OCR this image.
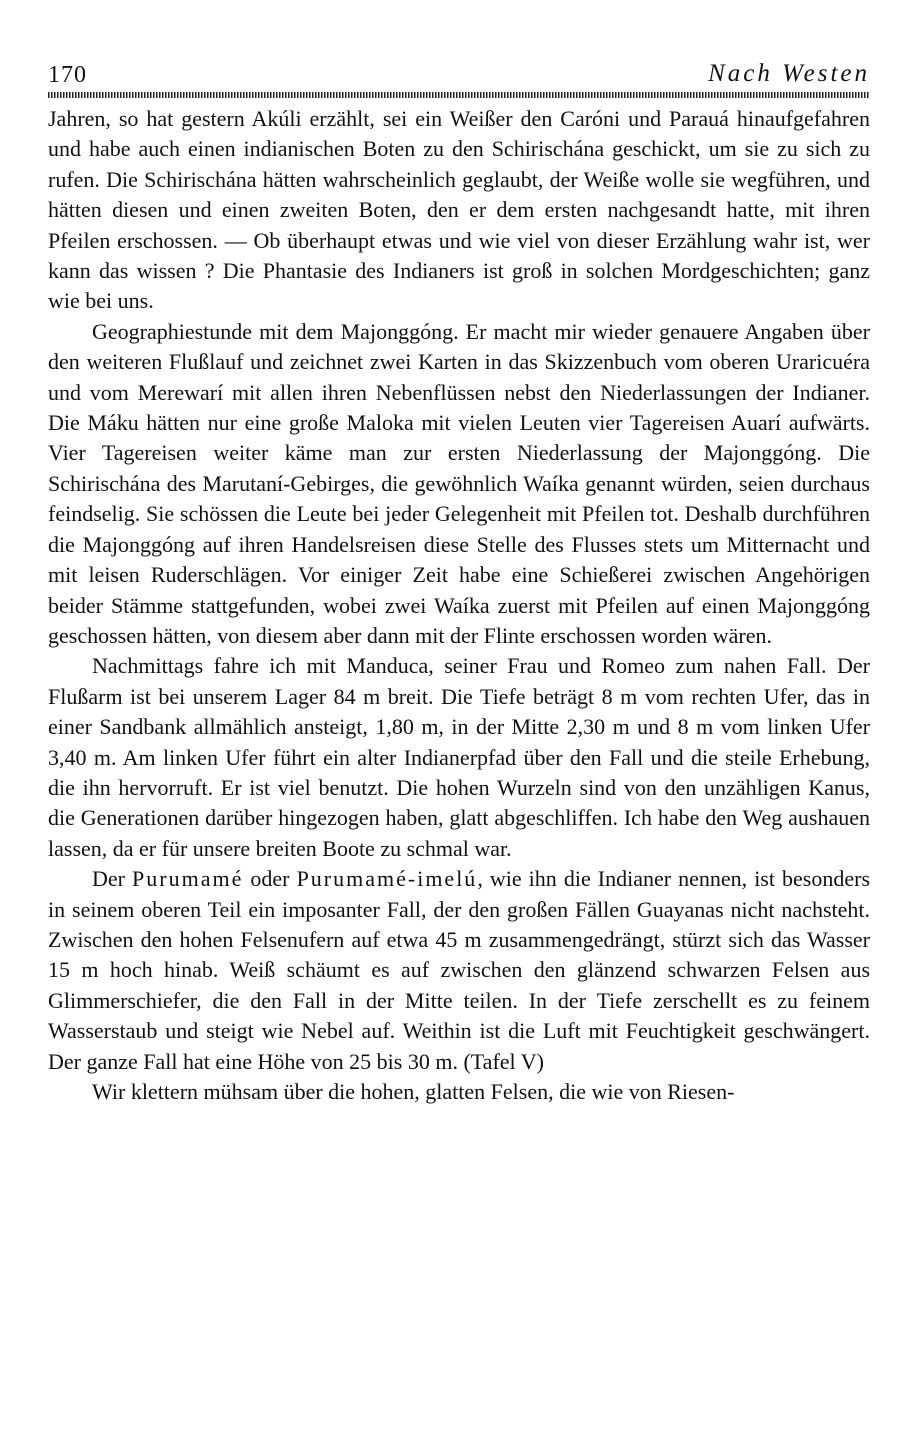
170	Nach Westen

Jahren, so hat gestern Akúli erzählt, sei ein Weißer den Caróni und Parauá hinaufgefahren und habe auch einen indianischen Boten zu den Schirischána geschickt, um sie zu sich zu rufen. Die Schirischána hätten wahrscheinlich geglaubt, der Weiße wolle sie wegführen, und hätten diesen und einen zweiten Boten, den er dem ersten nachgesandt hatte, mit ihren Pfeilen erschossen. — Ob überhaupt etwas und wie viel von dieser Erzählung wahr ist, wer kann das wissen ? Die Phantasie des Indianers ist groß in solchen Mordgeschichten; ganz wie bei uns.

Geographiestunde mit dem Majonggóng. Er macht mir wieder genauere Angaben über den weiteren Flußlauf und zeichnet zwei Karten in das Skizzenbuch vom oberen Uraricuéra und vom Merewarí mit allen ihren Nebenflüssen nebst den Niederlassungen der Indianer. Die Máku hätten nur eine große Maloka mit vielen Leuten vier Tagereisen Auarí aufwärts. Vier Tagereisen weiter käme man zur ersten Niederlassung der Majonggóng. Die Schirischána des Marutaní-Gebirges, die gewöhnlich Waíka genannt würden, seien durchaus feindselig. Sie schössen die Leute bei jeder Gelegenheit mit Pfeilen tot. Deshalb durchführen die Majonggóng auf ihren Handelsreisen diese Stelle des Flusses stets um Mitternacht und mit leisen Ruderschlägen. Vor einiger Zeit habe eine Schießerei zwischen Angehörigen beider Stämme stattgefunden, wobei zwei Waíka zuerst mit Pfeilen auf einen Majonggóng geschossen hätten, von diesem aber dann mit der Flinte erschossen worden wären.

Nachmittags fahre ich mit Manduca, seiner Frau und Romeo zum nahen Fall. Der Flußarm ist bei unserem Lager 84 m breit. Die Tiefe beträgt 8 m vom rechten Ufer, das in einer Sandbank allmählich ansteigt, 1,80 m, in der Mitte 2,30 m und 8 m vom linken Ufer 3,40 m. Am linken Ufer führt ein alter Indianerpfad über den Fall und die steile Erhebung, die ihn hervorruft. Er ist viel benutzt. Die hohen Wurzeln sind von den unzähligen Kanus, die Generationen darüber hingezogen haben, glatt abgeschliffen. Ich habe den Weg aushauen lassen, da er für unsere breiten Boote zu schmal war.

Der Purumamé oder Purumamé-imelú, wie ihn die Indianer nennen, ist besonders in seinem oberen Teil ein imposanter Fall, der den großen Fällen Guayanas nicht nachsteht. Zwischen den hohen Felsenufern auf etwa 45 m zusammengedrängt, stürzt sich das Wasser 15 m hoch hinab. Weiß schäumt es auf zwischen den glänzend schwarzen Felsen aus Glimmerschiefer, die den Fall in der Mitte teilen. In der Tiefe zerschellt es zu feinem Wasserstaub und steigt wie Nebel auf. Weithin ist die Luft mit Feuchtigkeit geschwängert. Der ganze Fall hat eine Höhe von 25 bis 30 m. (Tafel V)

Wir klettern mühsam über die hohen, glatten Felsen, die wie von Riesen-
